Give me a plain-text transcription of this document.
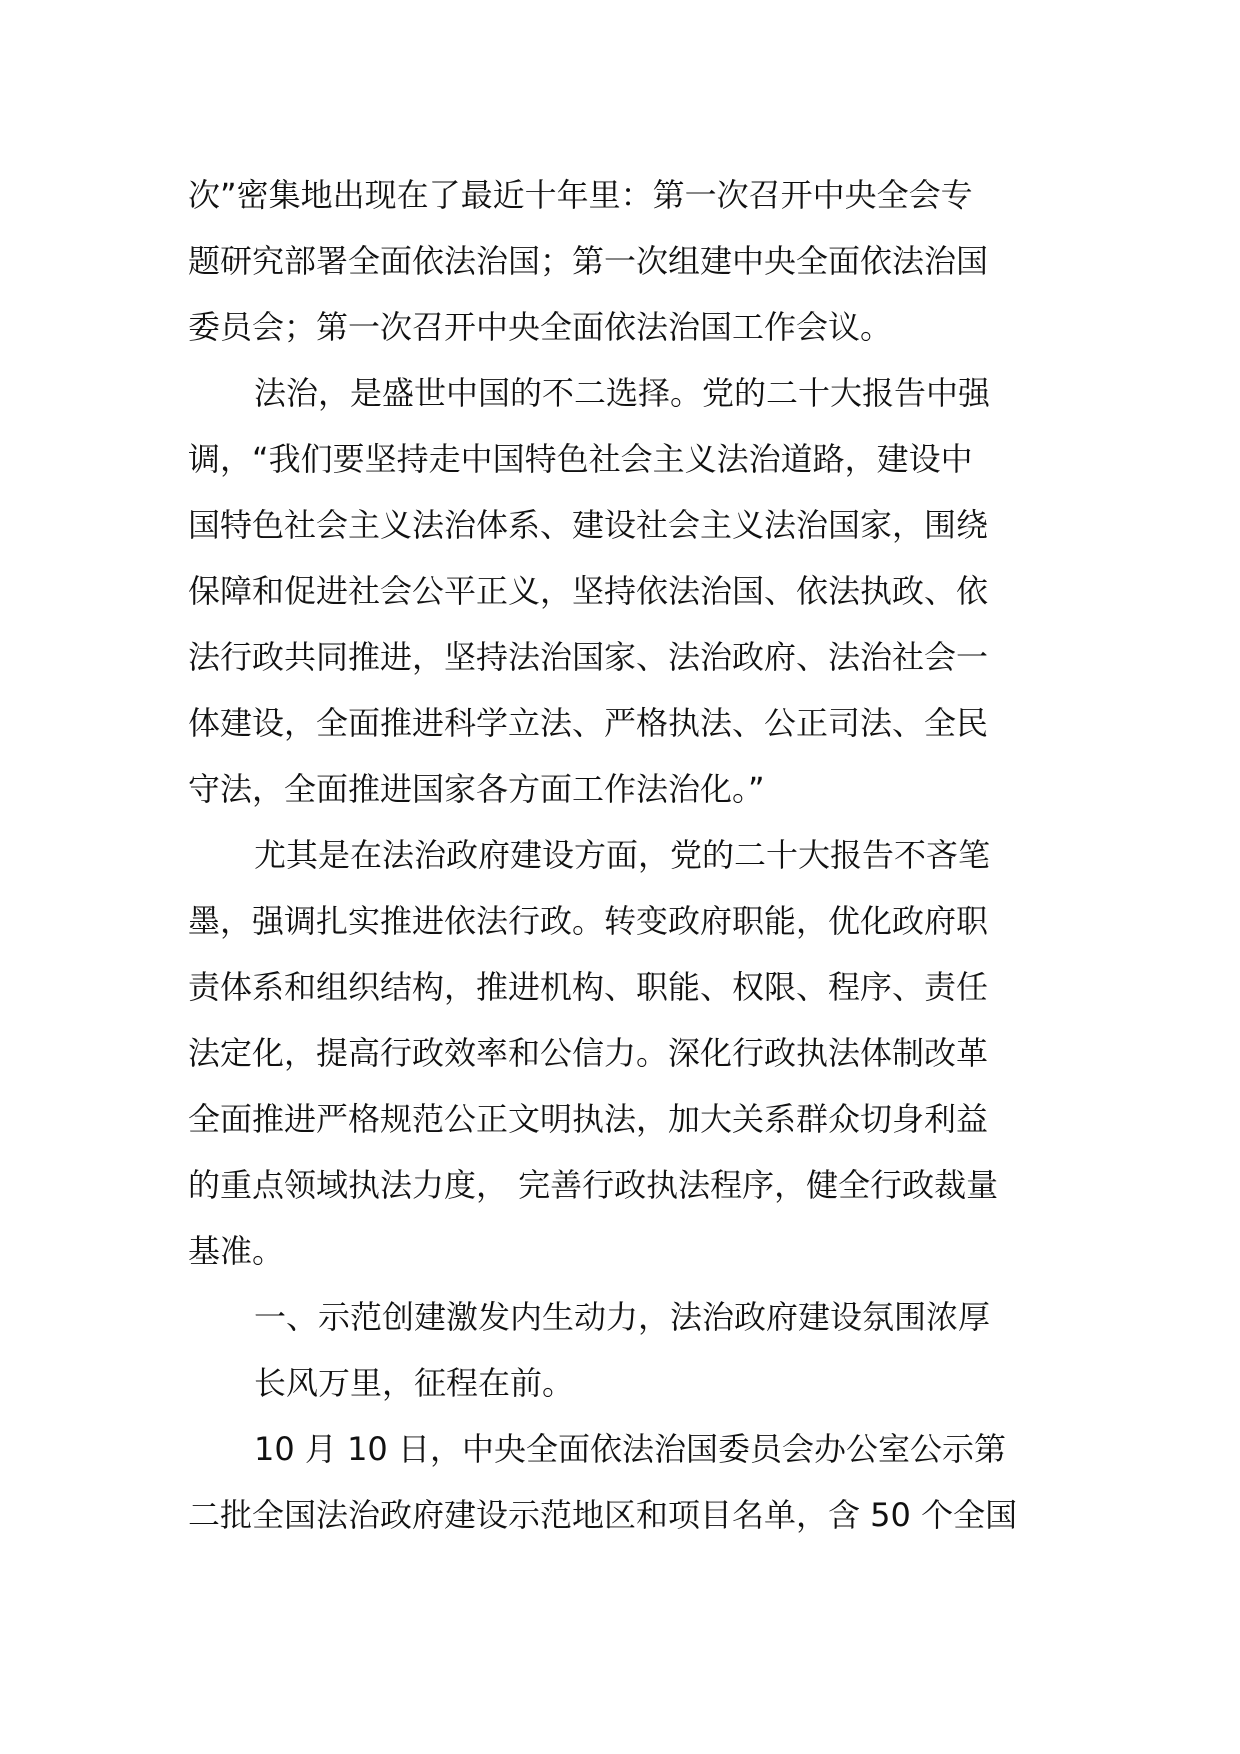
次”密集地出现在了最近十年里：第一次召开中央全会专
题研究部署全面依法治国；第一次组建中央全面依法治国
委员会；第一次召开中央全面依法治国工作会议。
法治，是盛世中国的不二选择。党的二十大报告中强
调，“我们要坚持走中国特色社会主义法治道路，建设中
国特色社会主义法治体系、建设社会主义法治国家，围绕
保障和促进社会公平正义，坚持依法治国、依法执政、依
法行政共同推进，坚持法治国家、法治政府、法治社会一
体建设，全面推进科学立法、严格执法、公正司法、全民
守法，全面推进国家各方面工作法治化。”
尤其是在法治政府建设方面，党的二十大报告不吝笔
墨，强调扎实推进依法行政。转变政府职能，优化政府职
责体系和组织结构，推进机构、职能、权限、程序、责任
法定化，提高行政效率和公信力。深化行政执法体制改革
全面推进严格规范公正文明执法，加大关系群众切身利益
的重点领域执法力度， 完善行政执法程序，健全行政裁量
基准。
一、示范创建激发内生动力，法治政府建设氛围浓厚
长风万里，征程在前。
10 月 10 日，中央全面依法治国委员会办公室公示第
二批全国法治政府建设示范地区和项目名单，含 50 个全国
